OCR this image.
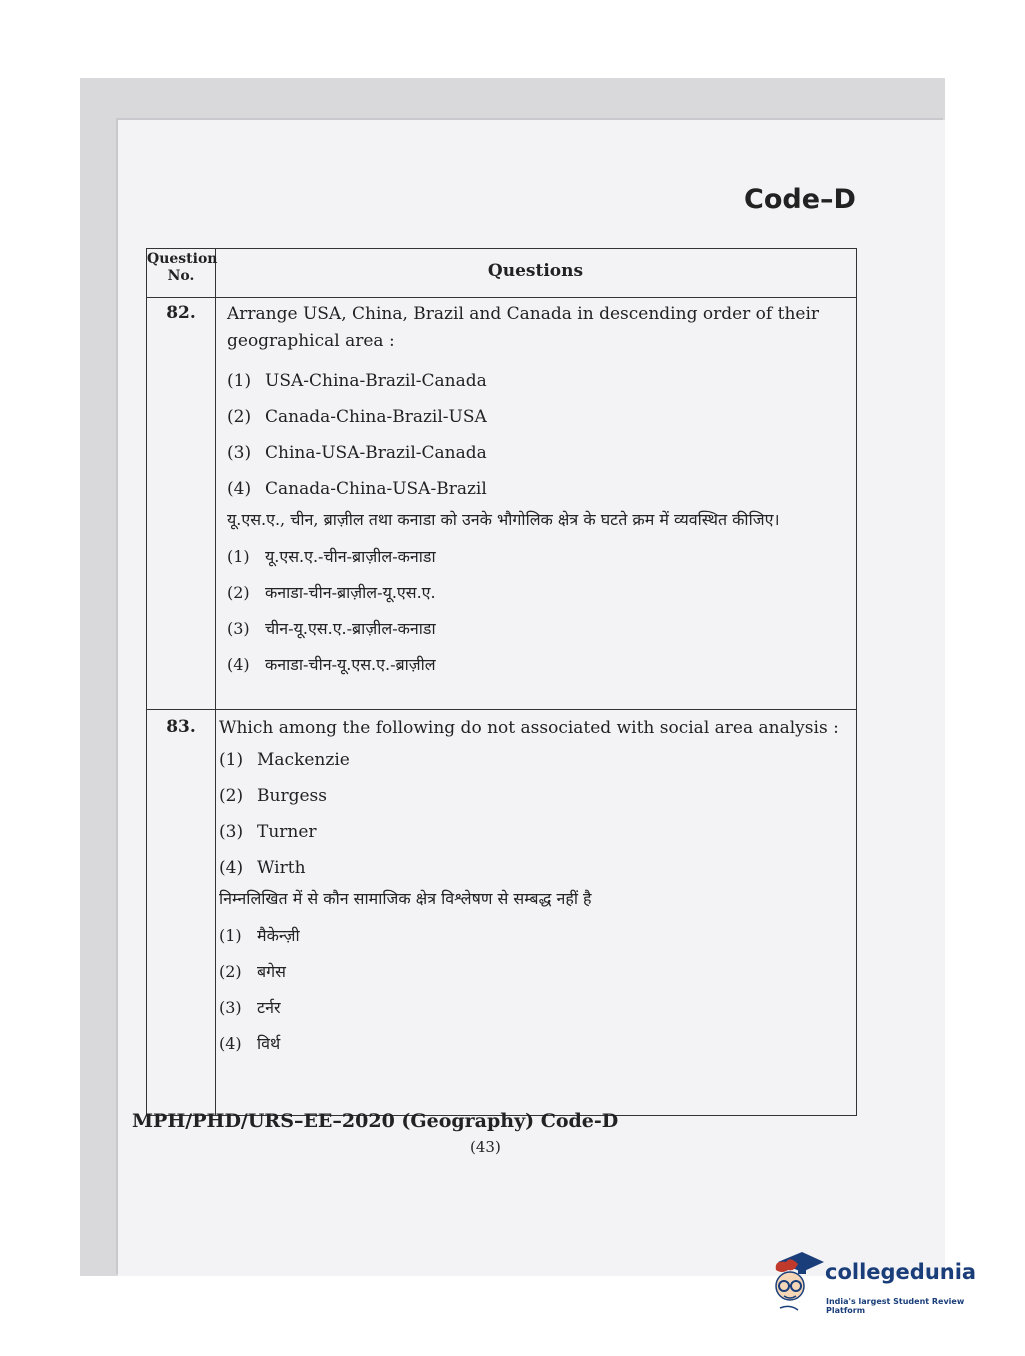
Code–D
Question
No.	Questions
82.	Arrange USA, China, Brazil and Canada in descending order of their geographical area :
(1) USA-China-Brazil-Canada
(2) Canada-China-Brazil-USA
(3) China-USA-Brazil-Canada
(4) Canada-China-USA-Brazil
यू.एस.ए., चीन, ब्राज़ील तथा कनाडा को उनके भौगोलिक क्षेत्र के घटते क्रम में व्यवस्थित कीजिए।
(1) यू.एस.ए.-चीन-ब्राज़ील-कनाडा
(2) कनाडा-चीन-ब्राज़ील-यू.एस.ए.
(3) चीन-यू.एस.ए.-ब्राज़ील-कनाडा
(4) कनाडा-चीन-यू.एस.ए.-ब्राज़ील
83.	Which among the following do not associated with social area analysis :
(1) Mackenzie
(2) Burgess
(3) Turner
(4) Wirth
निम्नलिखित में से कौन सामाजिक क्षेत्र विश्लेषण से सम्बद्ध नहीं है
(1) मैकेन्ज़ी
(2) बगेस
(3) टर्नर
(4) विर्थ
MPH/PHD/URS–EE–2020 (Geography) Code-D
(43)
collegedunia
India's largest Student Review Platform
